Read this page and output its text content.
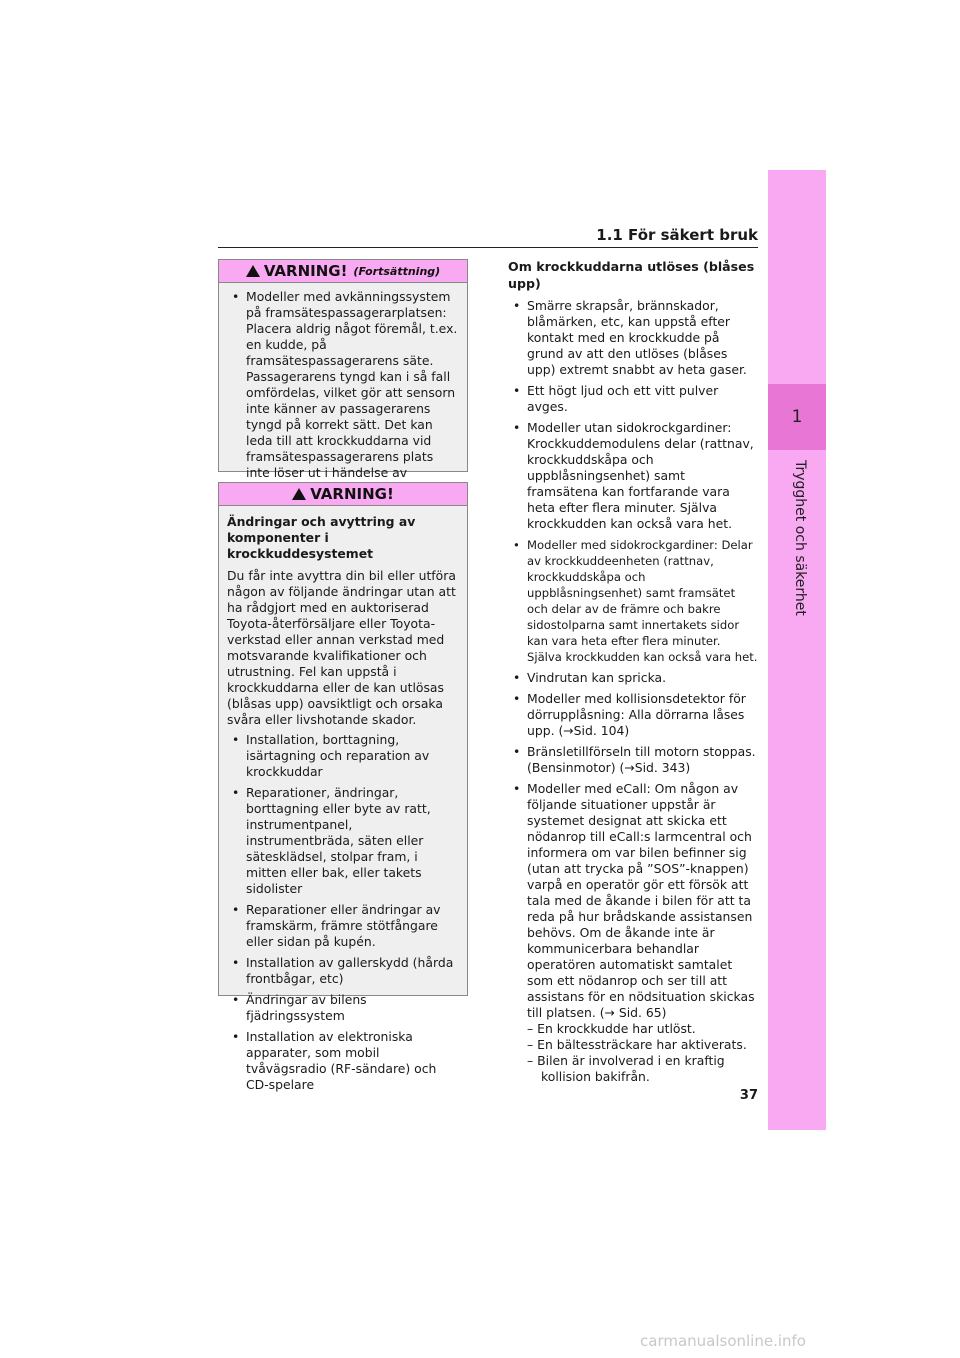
1.1 För säkert bruk
1
Trygghet och säkerhet
VARNING! (Fortsättning)
• Modeller med avkänningssystem på framsätespassagerarplatsen: Placera aldrig något föremål, t.ex. en kudde, på framsätespassagerarens säte. Passagerarens tyngd kan i så fall omfördelas, vilket gör att sensorn inte känner av passagerarens tyngd på korrekt sätt. Det kan leda till att krockkuddarna vid framsätespassagerarens plats inte löser ut i händelse av
VARNING!

Ändringar och avyttring av komponenter i krockkuddesystemet

Du får inte avyttra din bil eller utföra någon av följande ändringar utan att ha rådgjort med en auktoriserad Toyota-återförsäljare eller Toyota-verkstad eller annan verkstad med motsvarande kvalifikationer och utrustning. Fel kan uppstå i krockkuddarna eller de kan utlösas (blåsas upp) oavsiktligt och orsaka svåra eller livshotande skador.

• Installation, borttagning, isärtagning och reparation av krockkuddar
• Reparationer, ändringar, borttagning eller byte av ratt, instrumentpanel, instrumentbräda, säten eller sätesklädsel, stolpar fram, i mitten eller bak, eller takets sidolister
• Reparationer eller ändringar av framskärm, främre stötfångare eller sidan på kupén.
• Installation av gallerskydd (hårda frontbågar, etc)
• Ändringar av bilens fjädringssystem
• Installation av elektroniska apparater, som mobil tvåvägsradio (RF-sändare) och CD-spelare
Om krockkuddarna utlöses (blåses upp)
• Smärre skrapsår, brännskador, blåmärken, etc, kan uppstå efter kontakt med en krockkudde på grund av att den utlöses (blåses upp) extremt snabbt av heta gaser.
• Ett högt ljud och ett vitt pulver avges.
• Modeller utan sidokrockgardiner: Krockkuddemodulens delar (rattnav, krockkuddskåpa och uppblåsningsenhet) samt framsätena kan fortfarande vara heta efter flera minuter. Själva krockkudden kan också vara het.
• Modeller med sidokrockgardiner: Delar av krockkuddeenheten (rattnav, krockkuddskåpa och uppblåsningsenhet) samt framsätet och delar av de främre och bakre sidostolparna samt innertakets sidor kan vara heta efter flera minuter. Själva krockkudden kan också vara het.
• Vindrutan kan spricka.
• Modeller med kollisionsdetektor för dörrupplåsning: Alla dörrarna låses upp. (→Sid. 104)
• Bränsletillförseln till motorn stoppas. (Bensinmotor) (→Sid. 343)
• Modeller med eCall: Om någon av följande situationer uppstår är systemet designat att skicka ett nödanrop till eCall:s larmcentral och informera om var bilen befinner sig (utan att trycka på ”SOS”-knappen) varpå en operatör gör ett försök att tala med de åkande i bilen för att ta reda på hur brådskande assistansen behövs. Om de åkande inte är kommunicerbara behandlar operatören automatiskt samtalet som ett nödanrop och ser till att assistans för en nödsituation skickas till platsen. (→ Sid. 65)
– En krockkudde har utlöst.
– En bältessträckare har aktiverats.
– Bilen är involverad i en kraftig kollision bakifrån.
37
carmanualsonline.info
